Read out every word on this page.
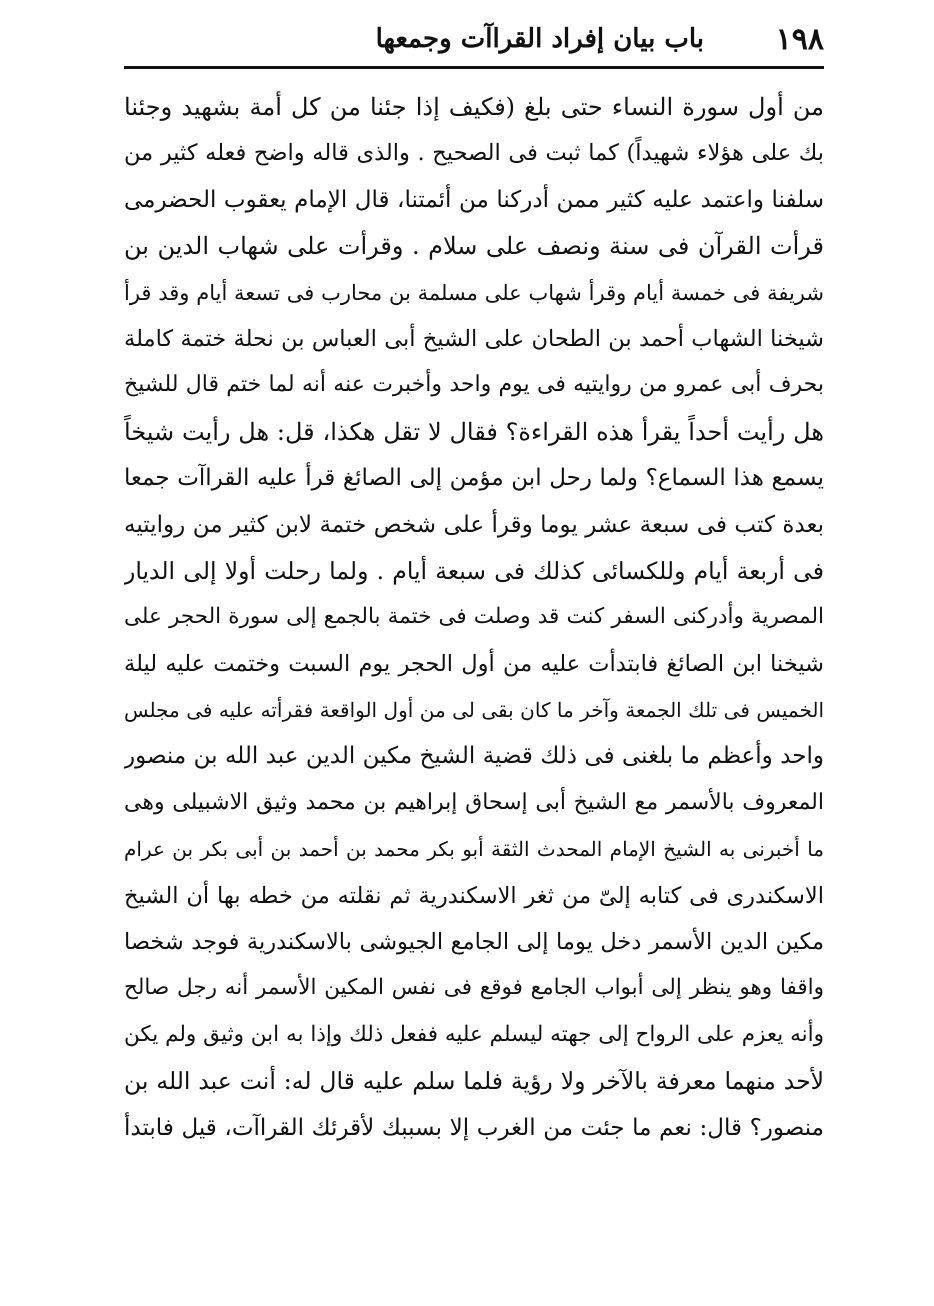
١٩٨
باب بيان إفراد القراآت وجمعها
من أول سورة النساء حتى بلغ (فكيف إذا جئنا من كل أمة بشهيد وجئنا
بك على هؤلاء شهيداً) كما ثبت فى الصحيح . والذى قاله واضح فعله كثير من
سلفنا واعتمد عليه كثير ممن أدركنا من أئمتنا، قال الإمام يعقوب الحضرمى
قرأت القرآن فى سنة ونصف على سلام . وقرأت على شهاب الدين بن
شريفة فى خمسة أيام وقرأ شهاب على مسلمة بن محارب فى تسعة أيام وقد قرأ
شيخنا الشهاب أحمد بن الطحان على الشيخ أبى العباس بن نحلة ختمة كاملة
بحرف أبى عمرو من روايتيه فى يوم واحد وأخبرت عنه أنه لما ختم قال للشيخ
هل رأيت أحداً يقرأ هذه القراءة؟ فقال لا تقل هكذا، قل: هل رأيت شيخاً
يسمع هذا السماع؟ ولما رحل ابن مؤمن إلى الصائغ قرأ عليه القراآت جمعا
بعدة كتب فى سبعة عشر يوما وقرأ على شخص ختمة لابن كثير من روايتيه
فى أربعة أيام وللكسائى كذلك فى سبعة أيام . ولما رحلت أولا إلى الديار
المصرية وأدركنى السفر كنت قد وصلت فى ختمة بالجمع إلى سورة الحجر على
شيخنا ابن الصائغ فابتدأت عليه من أول الحجر يوم السبت وختمت عليه ليلة
الخميس فى تلك الجمعة وآخر ما كان بقى لى من أول الواقعة فقرأته عليه فى مجلس
واحد وأعظم ما بلغنى فى ذلك قضية الشيخ مكين الدين عبد الله بن منصور
المعروف بالأسمر مع الشيخ أبى إسحاق إبراهيم بن محمد وثيق الاشبيلى وهى
ما أخبرنى به الشيخ الإمام المحدث الثقة أبو بكر محمد بن أحمد بن أبى بكر بن عرام
الاسكندرى فى كتابه إلىّ من ثغر الاسكندرية ثم نقلته من خطه بها أن الشيخ
مكين الدين الأسمر دخل يوما إلى الجامع الجيوشى بالاسكندرية فوجد شخصا
واقفا وهو ينظر إلى أبواب الجامع فوقع فى نفس المكين الأسمر أنه رجل صالح
وأنه يعزم على الرواح إلى جهته ليسلم عليه ففعل ذلك وإذا به ابن وثيق ولم يكن
لأحد منهما معرفة بالآخر ولا رؤية فلما سلم عليه قال له: أنت عبد الله بن
منصور؟ قال: نعم ما جئت من الغرب إلا بسببك لأقرئك القراآت، قيل فابتدأ
